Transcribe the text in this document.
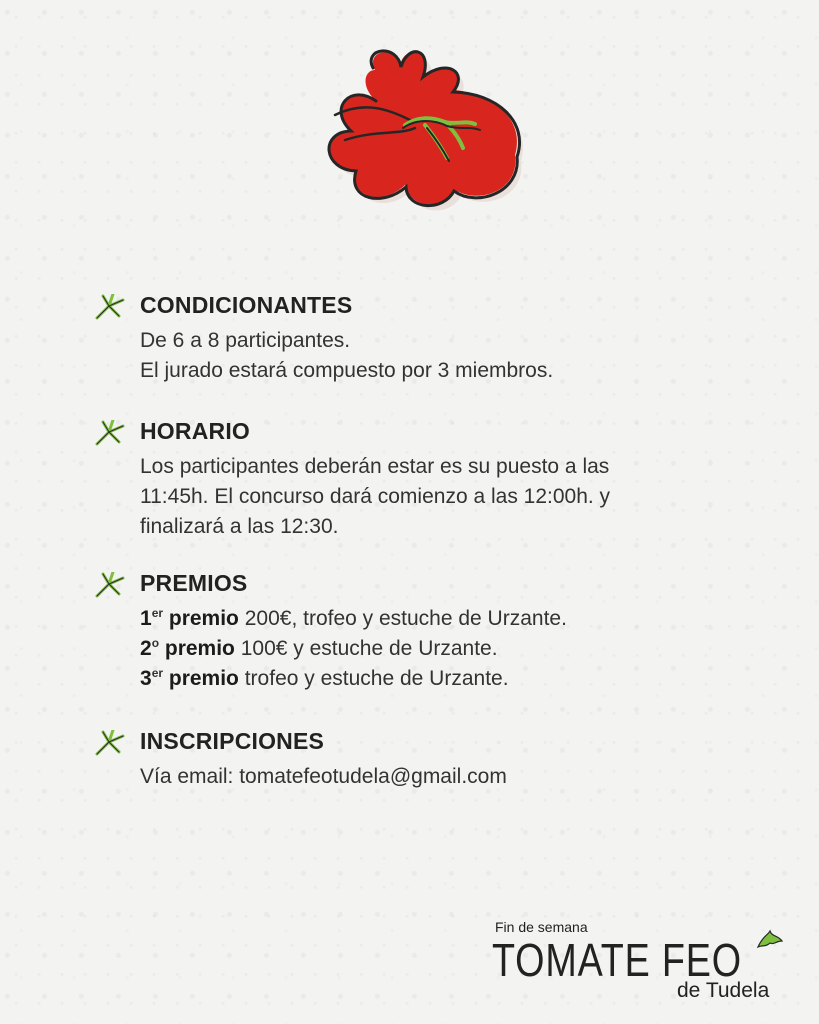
CONDICIONANTES
De 6 a 8 participantes.
El jurado estará compuesto por 3 miembros.
HORARIO
Los participantes deberán estar es su puesto a las
11:45h. El concurso dará comienzo a las 12:00h. y
finalizará a las 12:30.
PREMIOS
1er premio 200€, trofeo y estuche de Urzante.
2$^o$ premio 100€ y estuche de Urzante.
3er premio trofeo y estuche de Urzante.
INSCRIPCIONES
Vía email: tomatefeotudela@gmail.com
Fin de semana
TOMATE FEO
de Tudela
